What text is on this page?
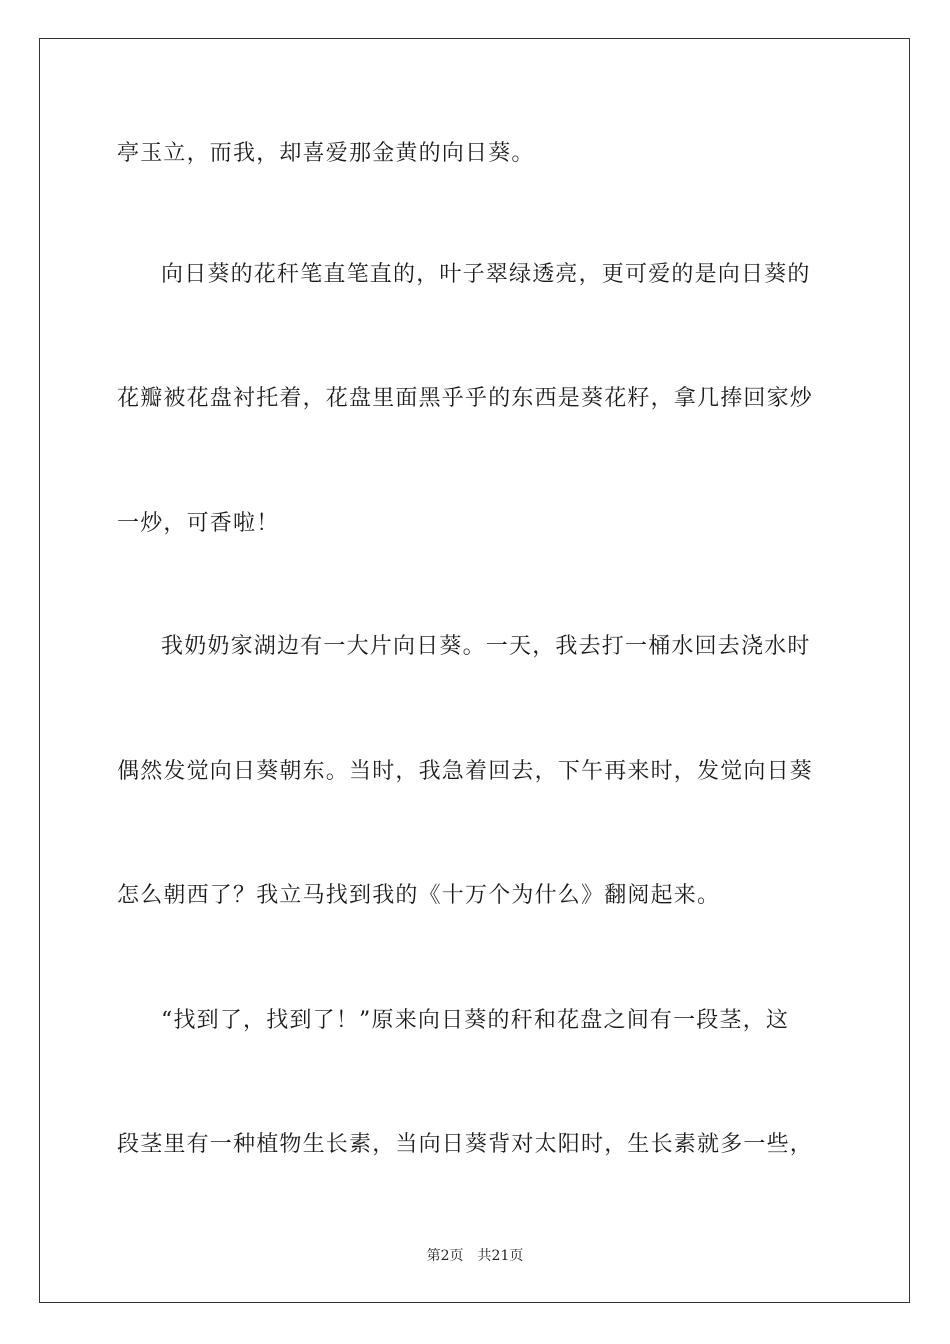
亭玉立，而我，却喜爱那金黄的向日葵。
向日葵的花秆笔直笔直的，叶子翠绿透亮，更可爱的是向日葵的
花瓣被花盘衬托着，花盘里面黑乎乎的东西是葵花籽，拿几捧回家炒
一炒，可香啦！
我奶奶家湖边有一大片向日葵。一天，我去打一桶水回去浇水时
偶然发觉向日葵朝东。当时，我急着回去，下午再来时，发觉向日葵
怎么朝西了？我立马找到我的《十万个为什么》翻阅起来。
“找到了，找到了！”原来向日葵的秆和花盘之间有一段茎，这
段茎里有一种植物生长素，当向日葵背对太阳时，生长素就多一些，
第2页 共21页
